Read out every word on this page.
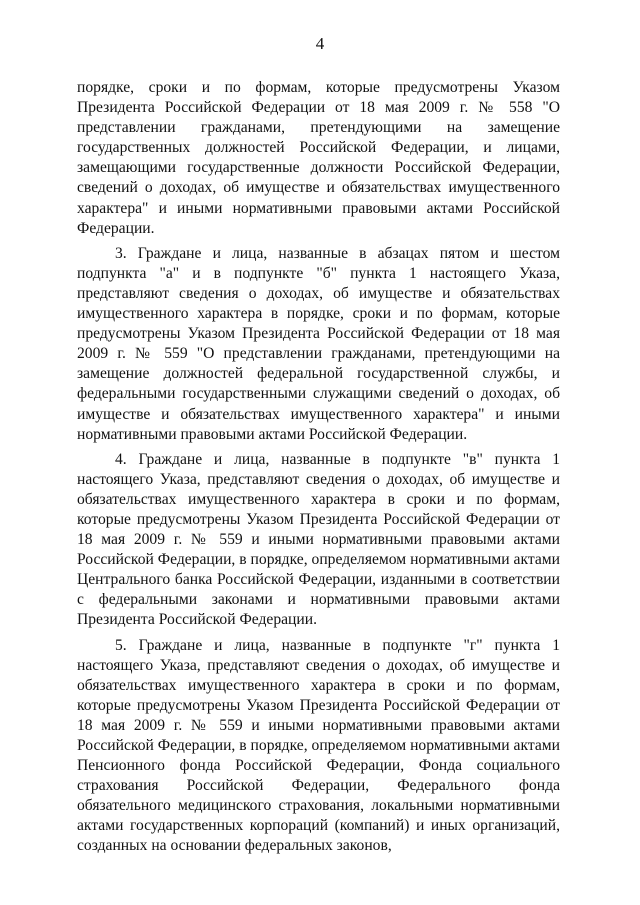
4

порядке, сроки и по формам, которые предусмотрены Указом Президента Российской Федерации от 18 мая 2009 г. № 558 "О представлении гражданами, претендующими на замещение государственных должностей Российской Федерации, и лицами, замещающими государственные должности Российской Федерации, сведений о доходах, об имуществе и обязательствах имущественного характера" и иными нормативными правовыми актами Российской Федерации.

3. Граждане и лица, названные в абзацах пятом и шестом подпункта "а" и в подпункте "б" пункта 1 настоящего Указа, представляют сведения о доходах, об имуществе и обязательствах имущественного характера в порядке, сроки и по формам, которые предусмотрены Указом Президента Российской Федерации от 18 мая 2009 г. № 559 "О представлении гражданами, претендующими на замещение должностей федеральной государственной службы, и федеральными государственными служащими сведений о доходах, об имуществе и обязательствах имущественного характера" и иными нормативными правовыми актами Российской Федерации.

4. Граждане и лица, названные в подпункте "в" пункта 1 настоящего Указа, представляют сведения о доходах, об имуществе и обязательствах имущественного характера в сроки и по формам, которые предусмотрены Указом Президента Российской Федерации от 18 мая 2009 г. № 559 и иными нормативными правовыми актами Российской Федерации, в порядке, определяемом нормативными актами Центрального банка Российской Федерации, изданными в соответствии с федеральными законами и нормативными правовыми актами Президента Российской Федерации.

5. Граждане и лица, названные в подпункте "г" пункта 1 настоящего Указа, представляют сведения о доходах, об имуществе и обязательствах имущественного характера в сроки и по формам, которые предусмотрены Указом Президента Российской Федерации от 18 мая 2009 г. № 559 и иными нормативными правовыми актами Российской Федерации, в порядке, определяемом нормативными актами Пенсионного фонда Российской Федерации, Фонда социального страхования Российской Федерации, Федерального фонда обязательного медицинского страхования, локальными нормативными актами государственных корпораций (компаний) и иных организаций, созданных на основании федеральных законов,
